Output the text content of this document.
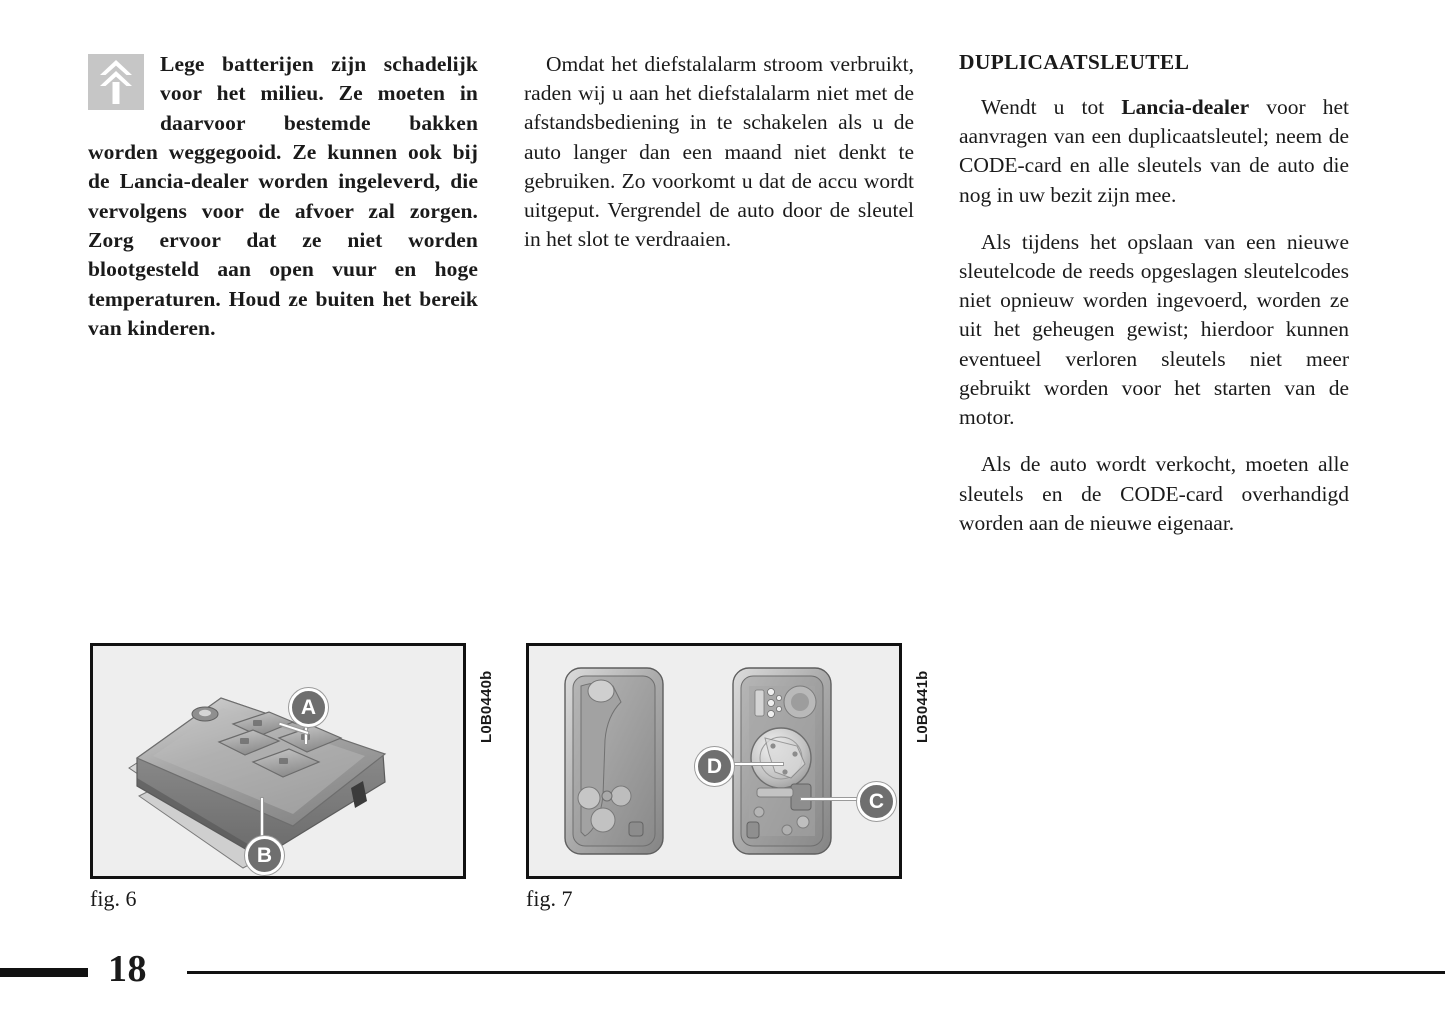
Lege batterijen zijn schadelijk voor het milieu. Ze moeten in daarvoor bestemde bakken worden weggegooid. Ze kunnen ook bij de Lancia-dealer worden ingeleverd, die vervolgens voor de afvoer zal zorgen. Zorg ervoor dat ze niet worden blootgesteld aan open vuur en hoge temperaturen. Houd ze buiten het bereik van kinderen.

Omdat het diefstalalarm stroom verbruikt, raden wij u aan het diefstalalarm niet met de afstandsbediening in te schakelen als u de auto langer dan een maand niet denkt te gebruiken. Zo voorkomt u dat de accu wordt uitgeput. Vergrendel de auto door de sleutel in het slot te verdraaien.

DUPLICAATSLEUTEL

Wendt u tot Lancia-dealer voor het aanvragen van een duplicaatsleutel; neem de CODE-card en alle sleutels van de auto die nog in uw bezit zijn mee.

Als tijdens het opslaan van een nieuwe sleutelcode de reeds opgeslagen sleutelcodes niet opnieuw worden ingevoerd, worden ze uit het geheugen gewist; hierdoor kunnen eventueel verloren sleutels niet meer gebruikt worden voor het starten van de motor.

Als de auto wordt verkocht, moeten alle sleutels en de CODE-card overhandigd worden aan de nieuwe eigenaar.

A
B
L0B0440b
fig. 6
D
C
L0B0441b
fig. 7
18
